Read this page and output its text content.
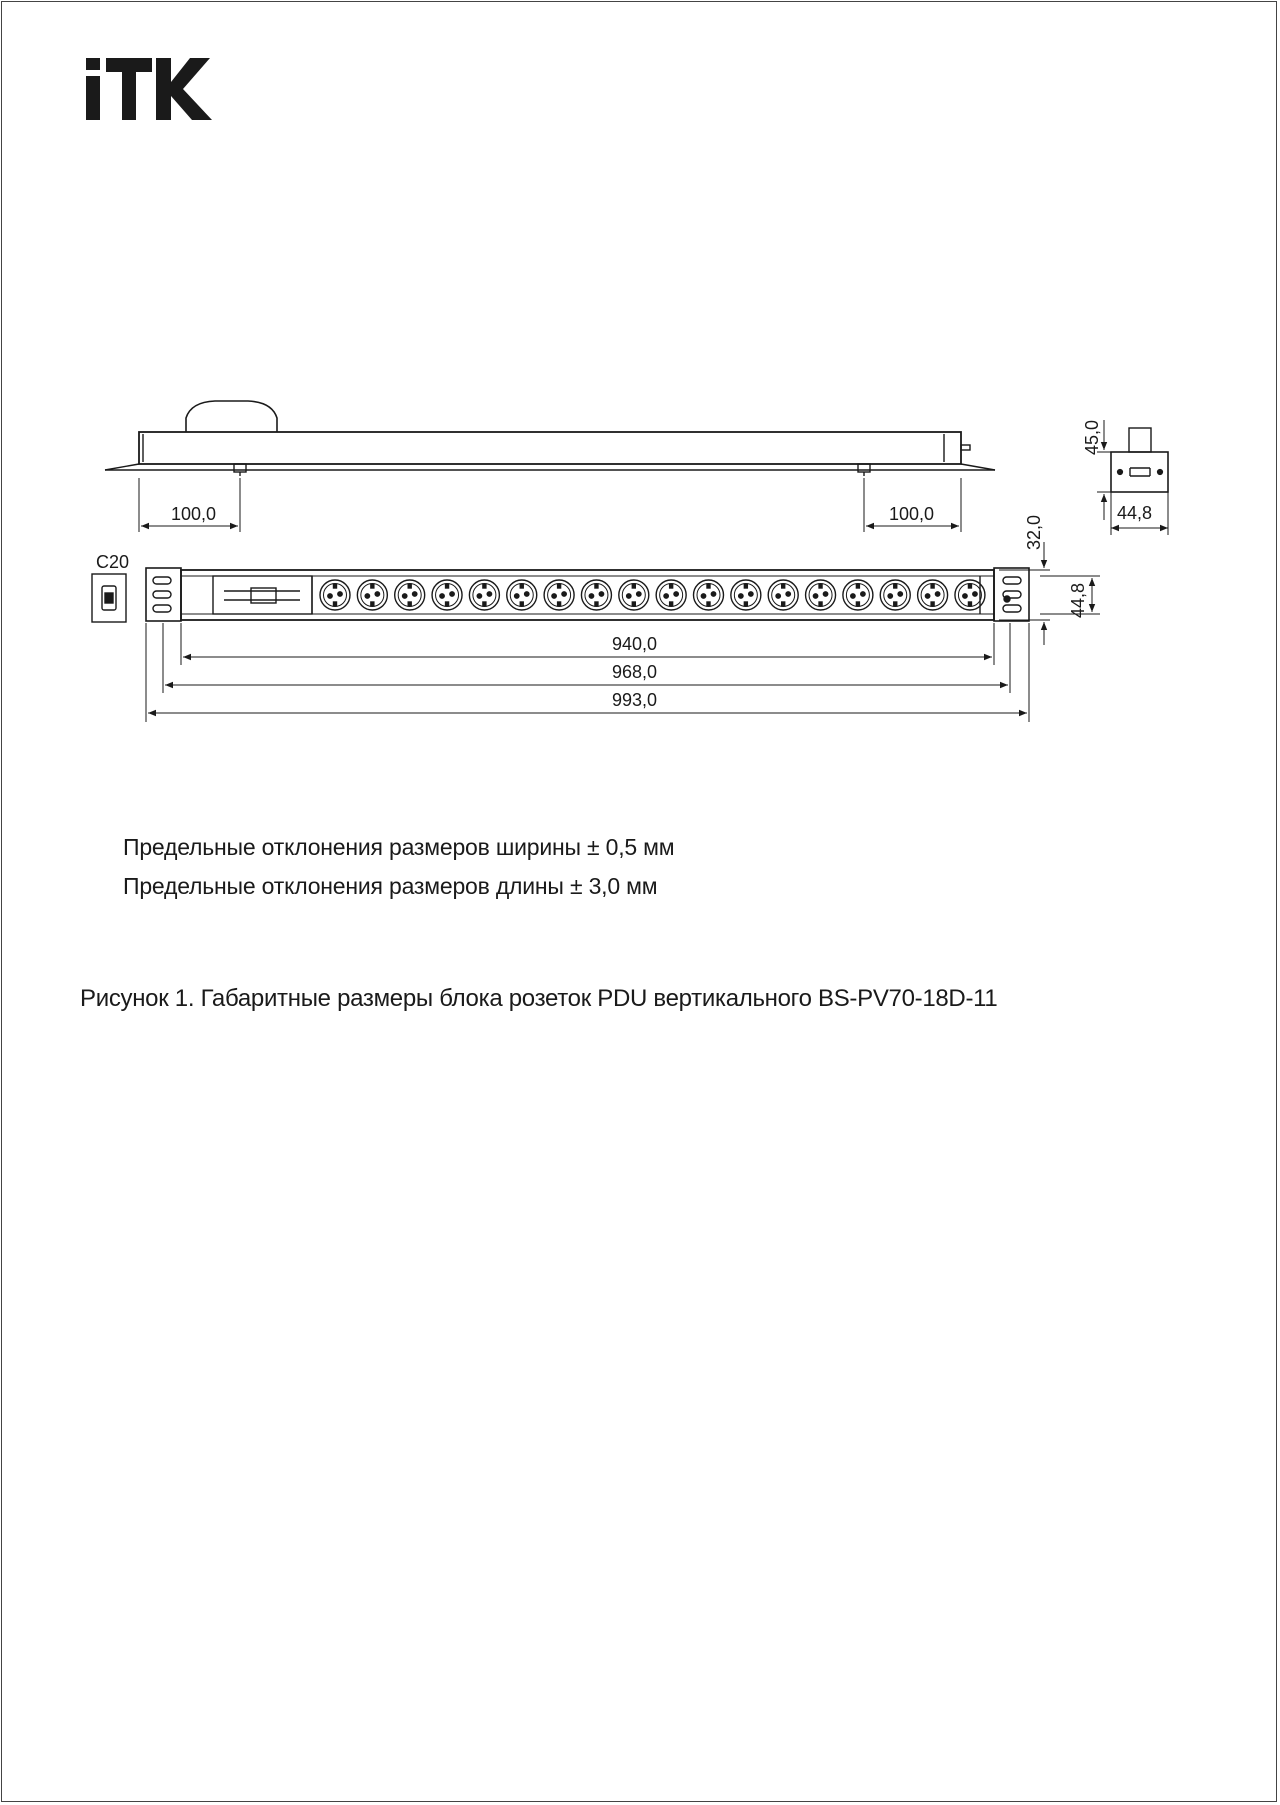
C20
100,0	100,0
940,0
968,0
993,0
44,8
32,0
44,8
45,0
Предельные отклонения размеров ширины ± 0,5 мм
Предельные отклонения размеров длины ± 3,0 мм
Рисунок 1. Габаритные размеры блока розеток PDU вертикального BS-PV70-18D-11
